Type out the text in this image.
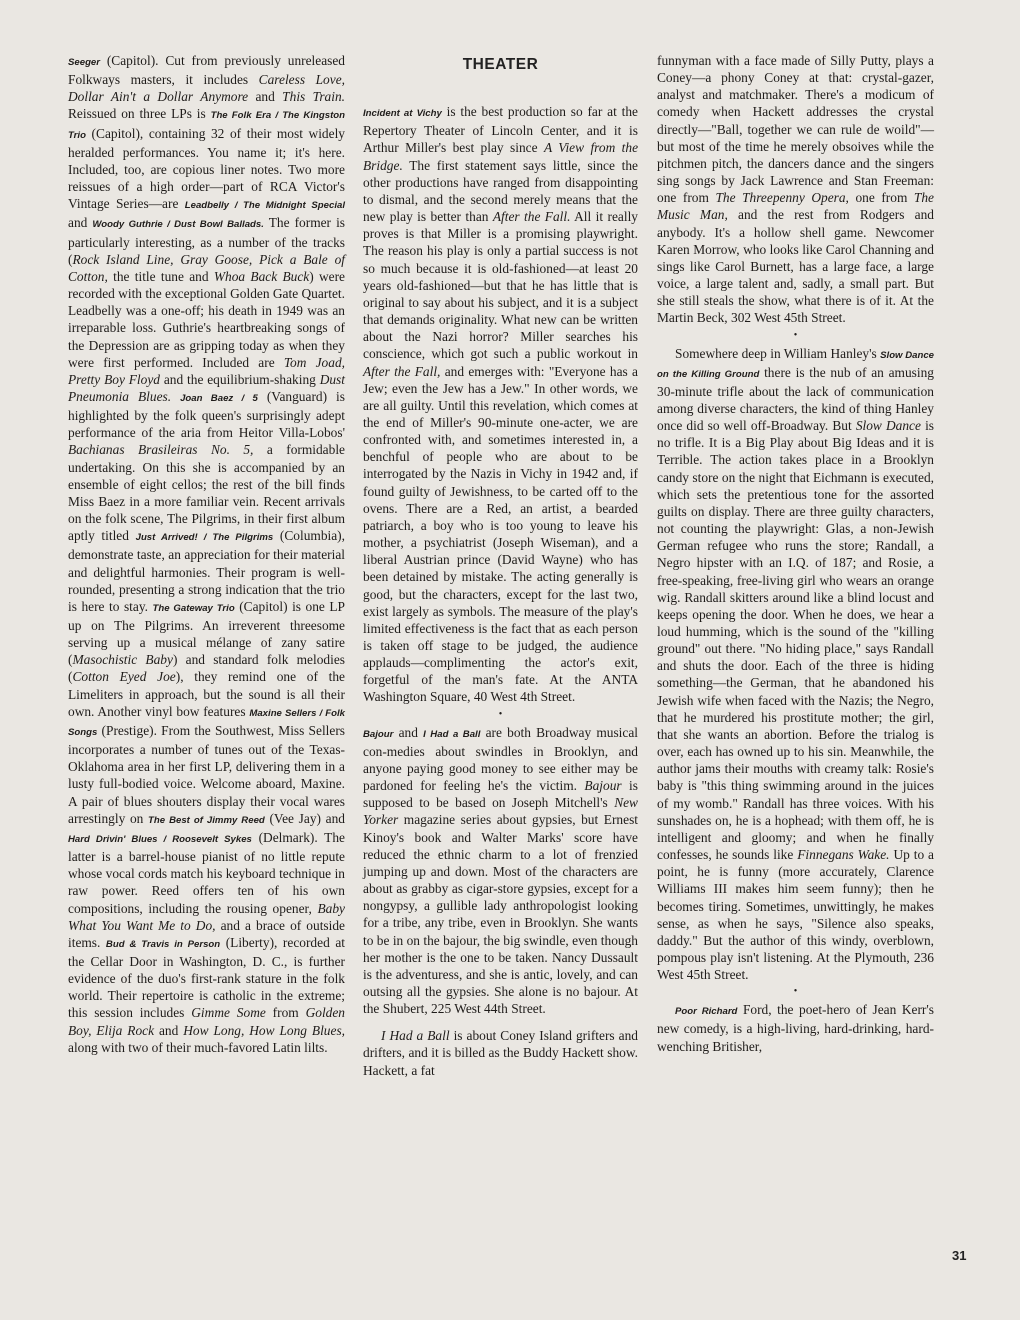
Seeger (Capitol). Cut from previously unreleased Folkways masters, it includes Careless Love, Dollar Ain't a Dollar Anymore and This Train. Reissued on three LPs is The Folk Era / The Kingston Trio (Capitol), containing 32 of their most widely heralded performances. You name it; it's here. Included, too, are copious liner notes. Two more reissues of a high order—part of RCA Victor's Vintage Series—are Leadbelly / The Midnight Special and Woody Guthrie / Dust Bowl Ballads. The former is particularly interesting, as a number of the tracks (Rock Island Line, Gray Goose, Pick a Bale of Cotton, the title tune and Whoa Back Buck) were recorded with the exceptional Golden Gate Quartet. Leadbelly was a one-off; his death in 1949 was an irreparable loss. Guthrie's heartbreaking songs of the Depression are as gripping today as when they were first performed. Included are Tom Joad, Pretty Boy Floyd and the equilibrium-shaking Dust Pneumonia Blues. Joan Baez / 5 (Vanguard) is highlighted by the folk queen's surprisingly adept performance of the aria from Heitor Villa-Lobos' Bachianas Brasileiras No. 5, a formidable undertaking. On this she is accompanied by an ensemble of eight cellos; the rest of the bill finds Miss Baez in a more familiar vein. Recent arrivals on the folk scene, The Pilgrims, in their first album aptly titled Just Arrived! / The Pilgrims (Columbia), demonstrate taste, an appreciation for their material and delightful harmonies. Their program is well-rounded, presenting a strong indication that the trio is here to stay. The Gateway Trio (Capitol) is one LP up on The Pilgrims. An irreverent threesome serving up a musical mélange of zany satire (Masochistic Baby) and standard folk melodies (Cotton Eyed Joe), they remind one of the Limeliters in approach, but the sound is all their own. Another vinyl bow features Maxine Sellers / Folk Songs (Prestige). From the Southwest, Miss Sellers incorporates a number of tunes out of the Texas-Oklahoma area in her first LP, delivering them in a lusty full-bodied voice. Welcome aboard, Maxine. A pair of blues shouters display their vocal wares arrestingly on The Best of Jimmy Reed (Vee Jay) and Hard Drivin' Blues / Roosevelt Sykes (Delmark). The latter is a barrel-house pianist of no little repute whose vocal cords match his keyboard technique in raw power. Reed offers ten of his own compositions, including the rousing opener, Baby What You Want Me to Do, and a brace of outside items. Bud & Travis in Person (Liberty), recorded at the Cellar Door in Washington, D. C., is further evidence of the duo's first-rank stature in the folk world. Their repertoire is catholic in the extreme; this session includes Gimme Some from Golden Boy, Elija Rock and How Long, How Long Blues, along with two of their much-favored Latin lilts.

THEATER

Incident at Vichy is the best production so far at the Repertory Theater of Lincoln Center, and it is Arthur Miller's best play since A View from the Bridge. The first statement says little, since the other productions have ranged from disappointing to dismal, and the second merely means that the new play is better than After the Fall. All it really proves is that Miller is a promising playwright. The reason his play is only a partial success is not so much because it is old-fashioned—at least 20 years old-fashioned—but that he has little that is original to say about his subject, and it is a subject that demands originality. What new can be written about the Nazi horror? Miller searches his conscience, which got such a public workout in After the Fall, and emerges with: "Everyone has a Jew; even the Jew has a Jew." In other words, we are all guilty. Until this revelation, which comes at the end of Miller's 90-minute one-acter, we are confronted with, and sometimes interested in, a benchful of people who are about to be interrogated by the Nazis in Vichy in 1942 and, if found guilty of Jewishness, to be carted off to the ovens. There are a Red, an artist, a bearded patriarch, a boy who is too young to leave his mother, a psychiatrist (Joseph Wiseman), and a liberal Austrian prince (David Wayne) who has been detained by mistake. The acting generally is good, but the characters, except for the last two, exist largely as symbols. The measure of the play's limited effectiveness is the fact that as each person is taken off stage to be judged, the audience applauds—complimenting the actor's exit, forgetful of the man's fate. At the ANTA Washington Square, 40 West 4th Street.

•

Bajour and I Had a Ball are both Broadway musical con-medies about swindles in Brooklyn, and anyone paying good money to see either may be pardoned for feeling he's the victim. Bajour is supposed to be based on Joseph Mitchell's New Yorker magazine series about gypsies, but Ernest Kinoy's book and Walter Marks' score have reduced the ethnic charm to a lot of frenzied jumping up and down. Most of the characters are about as grabby as cigar-store gypsies, except for a nongypsy, a gullible lady anthropologist looking for a tribe, any tribe, even in Brooklyn. She wants to be in on the bajour, the big swindle, even though her mother is the one to be taken. Nancy Dussault is the adventuress, and she is antic, lovely, and can outsing all the gypsies. She alone is no bajour. At the Shubert, 225 West 44th Street.

I Had a Ball is about Coney Island grifters and drifters, and it is billed as the Buddy Hackett show. Hackett, a fat

funnyman with a face made of Silly Putty, plays a Coney—a phony Coney at that: crystal-gazer, analyst and matchmaker. There's a modicum of comedy when Hackett addresses the crystal directly—"Ball, together we can rule de woild"—but most of the time he merely obsoives while the pitchmen pitch, the dancers dance and the singers sing songs by Jack Lawrence and Stan Freeman: one from The Threepenny Opera, one from The Music Man, and the rest from Rodgers and anybody. It's a hollow shell game. Newcomer Karen Morrow, who looks like Carol Channing and sings like Carol Burnett, has a large face, a large voice, a large talent and, sadly, a small part. But she still steals the show, what there is of it. At the Martin Beck, 302 West 45th Street.

•

Somewhere deep in William Hanley's Slow Dance on the Killing Ground there is the nub of an amusing 30-minute trifle about the lack of communication among diverse characters, the kind of thing Hanley once did so well off-Broadway. But Slow Dance is no trifle. It is a Big Play about Big Ideas and it is Terrible. The action takes place in a Brooklyn candy store on the night that Eichmann is executed, which sets the pretentious tone for the assorted guilts on display. There are three guilty characters, not counting the playwright: Glas, a non-Jewish German refugee who runs the store; Randall, a Negro hipster with an I.Q. of 187; and Rosie, a free-speaking, free-living girl who wears an orange wig. Randall skitters around like a blind locust and keeps opening the door. When he does, we hear a loud humming, which is the sound of the "killing ground" out there. "No hiding place," says Randall and shuts the door. Each of the three is hiding something—the German, that he abandoned his Jewish wife when faced with the Nazis; the Negro, that he murdered his prostitute mother; the girl, that she wants an abortion. Before the trialog is over, each has owned up to his sin. Meanwhile, the author jams their mouths with creamy talk: Rosie's baby is "this thing swimming around in the juices of my womb." Randall has three voices. With his sunshades on, he is a hophead; with them off, he is intelligent and gloomy; and when he finally confesses, he sounds like Finnegans Wake. Up to a point, he is funny (more accurately, Clarence Williams III makes him seem funny); then he becomes tiring. Sometimes, unwittingly, he makes sense, as when he says, "Silence also speaks, daddy." But the author of this windy, overblown, pompous play isn't listening. At the Plymouth, 236 West 45th Street.

•

Poor Richard Ford, the poet-hero of Jean Kerr's new comedy, is a high-living, hard-drinking, hard-wenching Britisher,

31
